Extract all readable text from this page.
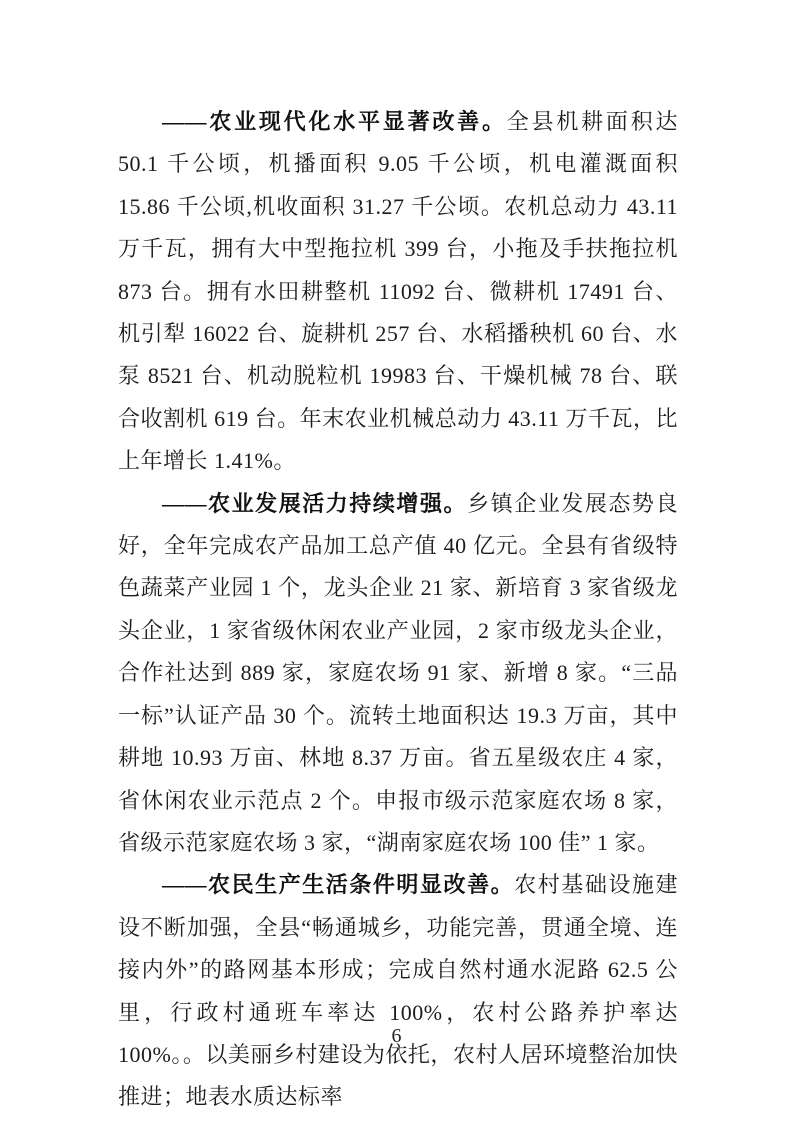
——农业现代化水平显著改善。全县机耕面积达 50.1 千公顷，机播面积 9.05 千公顷，机电灌溉面积 15.86 千公顷,机收面积 31.27 千公顷。农机总动力 43.11 万千瓦，拥有大中型拖拉机 399 台，小拖及手扶拖拉机 873 台。拥有水田耕整机 11092 台、微耕机 17491 台、机引犁 16022 台、旋耕机 257 台、水稻播秧机 60 台、水泵 8521 台、机动脱粒机 19983 台、干燥机械 78 台、联合收割机 619 台。年末农业机械总动力 43.11 万千瓦，比上年增长 1.41%。

——农业发展活力持续增强。乡镇企业发展态势良好，全年完成农产品加工总产值 40 亿元。全县有省级特色蔬菜产业园 1 个，龙头企业 21 家、新培育 3 家省级龙头企业，1 家省级休闲农业产业园，2 家市级龙头企业，合作社达到 889 家，家庭农场 91 家、新增 8 家。“三品一标”认证产品 30 个。流转土地面积达 19.3 万亩，其中耕地 10.93 万亩、林地 8.37 万亩。省五星级农庄 4 家，省休闲农业示范点 2 个。申报市级示范家庭农场 8 家，省级示范家庭农场 3 家，“湖南家庭农场 100 佳” 1 家。

——农民生产生活条件明显改善。农村基础设施建设不断加强，全县“畅通城乡，功能完善，贯通全境、连接内外”的路网基本形成；完成自然村通水泥路 62.5 公里，行政村通班车率达 100%，农村公路养护率达 100%。。以美丽乡村建设为依托，农村人居环境整治加快推进；地表水质达标率

6
